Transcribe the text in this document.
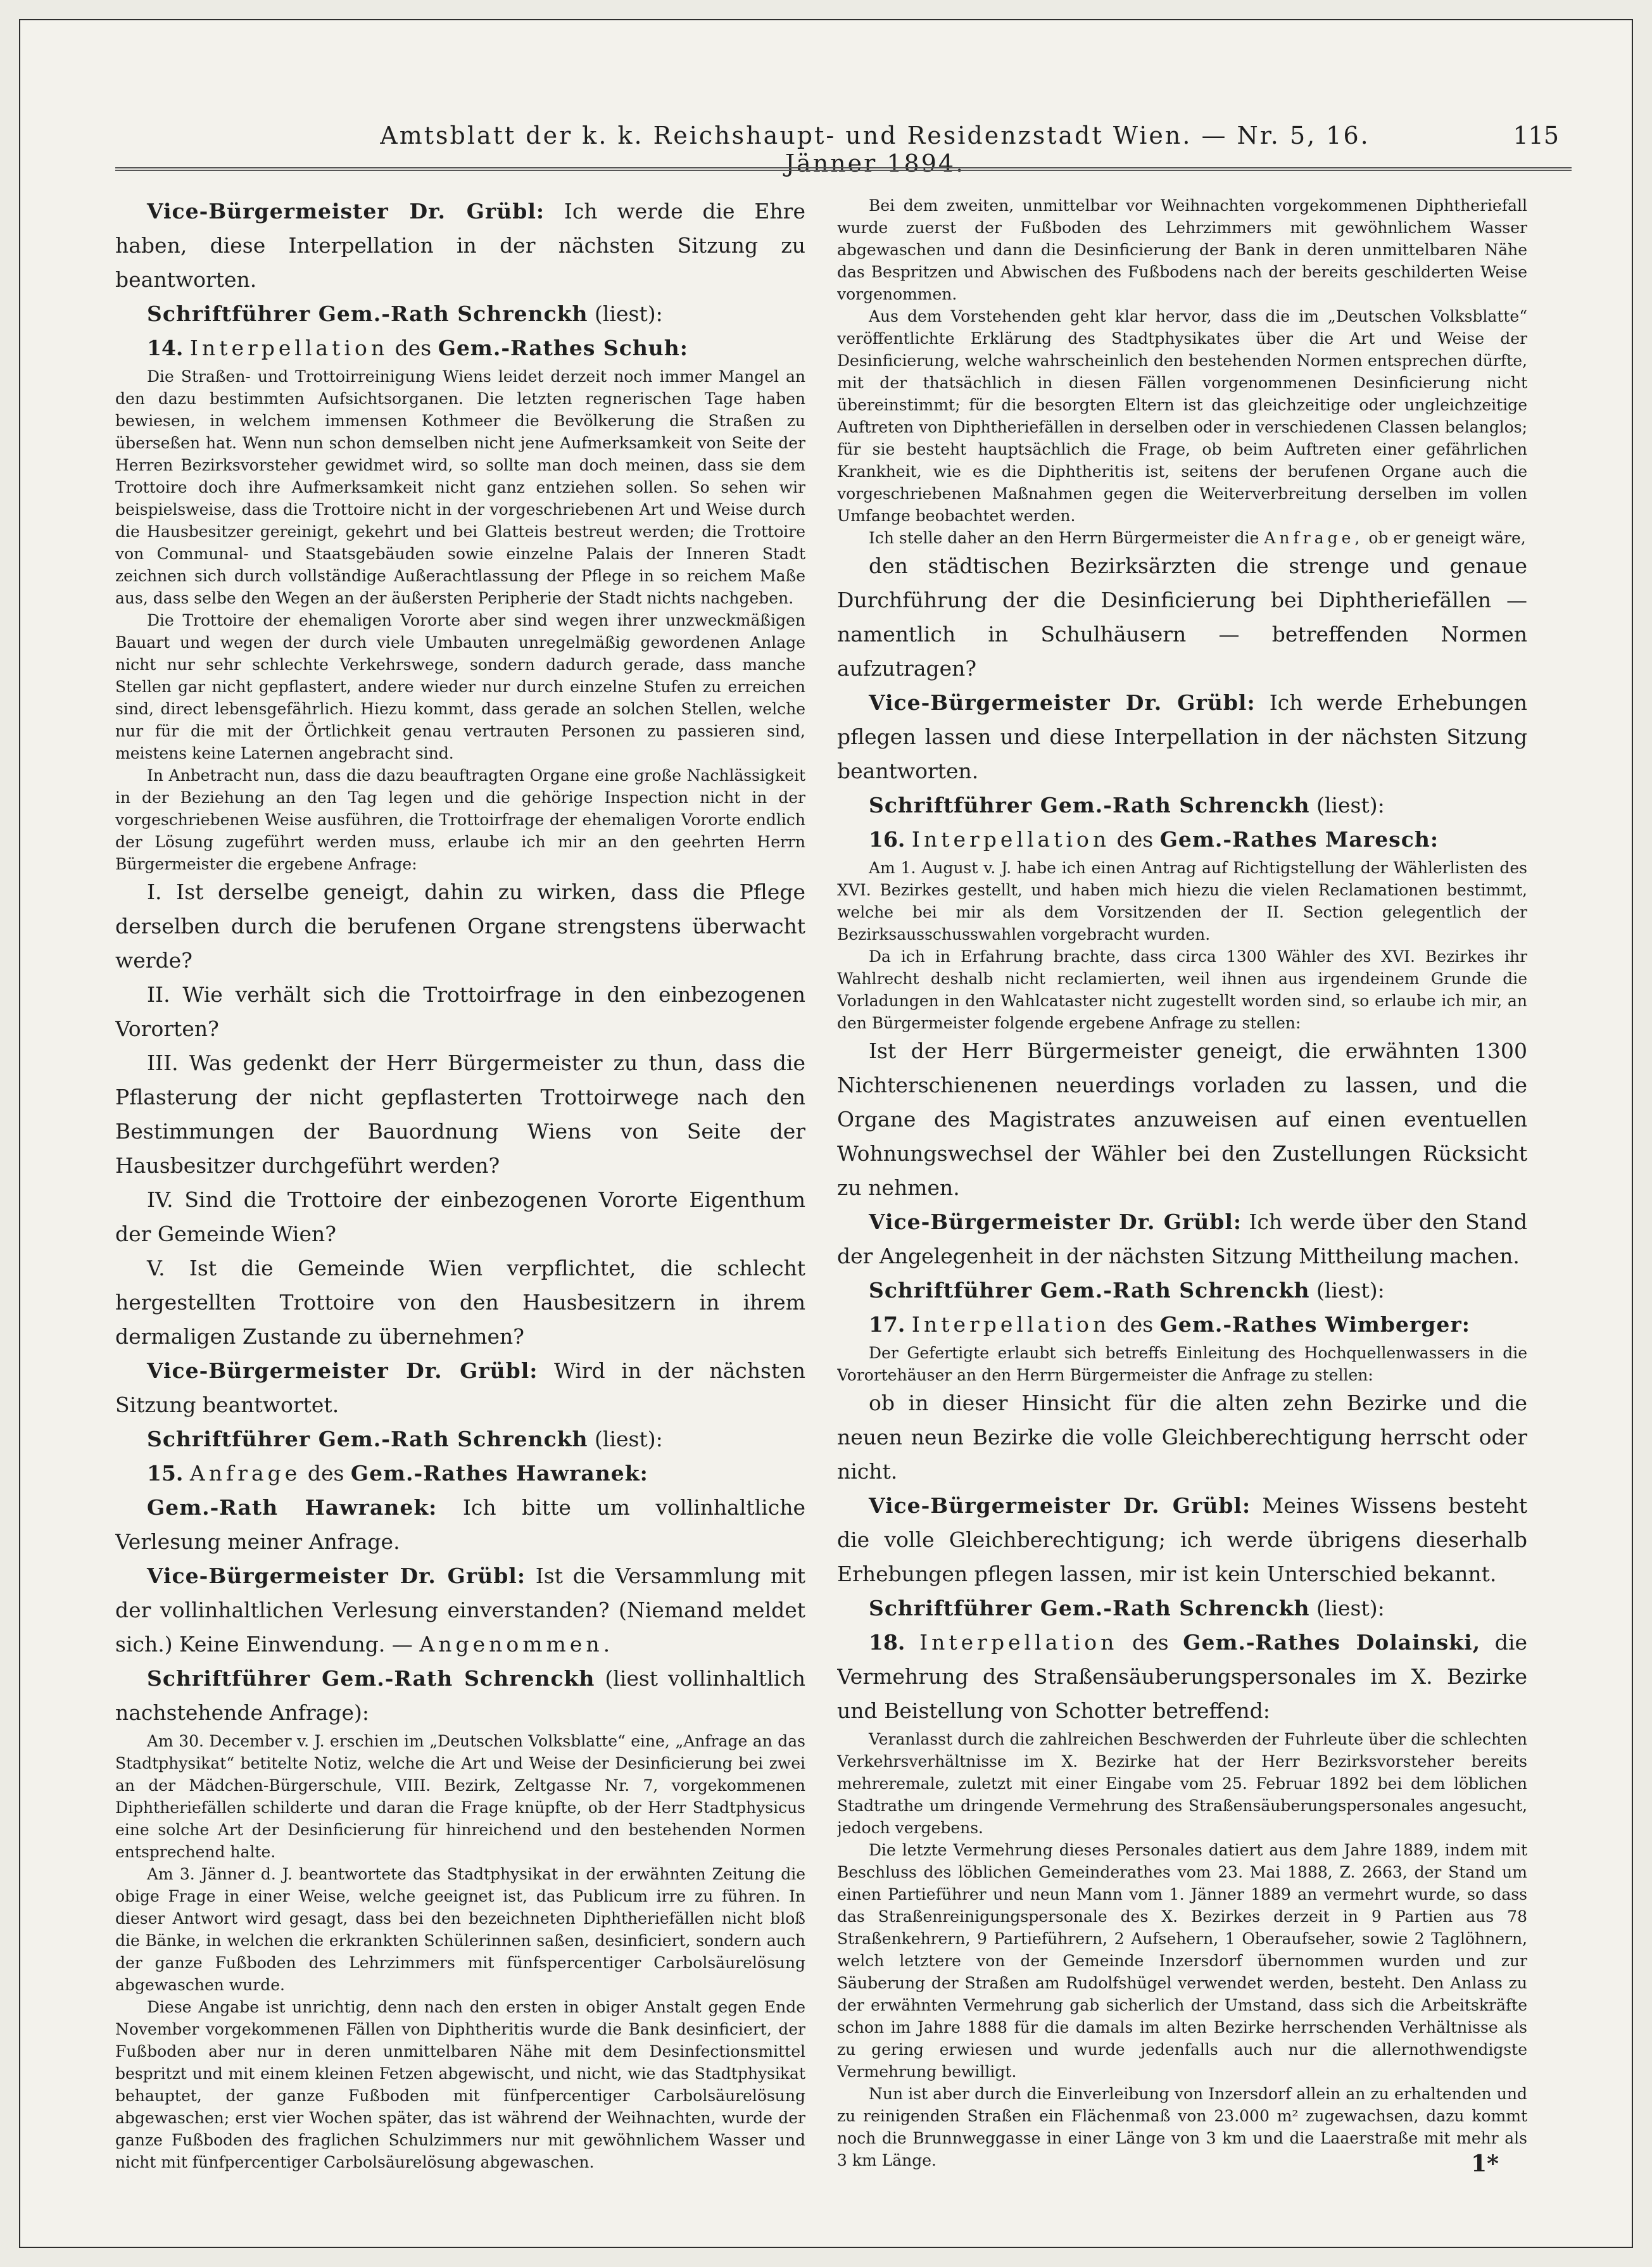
Amtsblatt der k. k. Reichshaupt- und Residenzstadt Wien. — Nr. 5, 16. Jänner 1894.
115

Vice-Bürgermeister Dr. Grübl: Ich werde die Ehre haben, diese Interpellation in der nächsten Sitzung zu beantworten.

Schriftführer Gem.-Rath Schrenckh (liest):

14. Interpellation des Gem.-Rathes Schuh:

Die Straßen- und Trottoirreinigung Wiens leidet derzeit noch immer Mangel an den dazu bestimmten Aufsichtsorganen. Die letzten regnerischen Tage haben bewiesen, in welchem immensen Kothmeer die Bevölkerung die Straßen zu überseßen hat. Wenn nun schon demselben nicht jene Aufmerksamkeit von Seite der Herren Bezirksvorsteher gewidmet wird, so sollte man doch meinen, dass sie dem Trottoire doch ihre Aufmerksamkeit nicht ganz entziehen sollen. So sehen wir beispielsweise, dass die Trottoire nicht in der vorgeschriebenen Art und Weise durch die Hausbesitzer gereinigt, gekehrt und bei Glatteis bestreut werden; die Trottoire von Communal- und Staatsgebäuden sowie einzelne Palais der Inneren Stadt zeichnen sich durch vollständige Außerachtlassung der Pflege in so reichem Maße aus, dass selbe den Wegen an der äußersten Peripherie der Stadt nichts nachgeben.

Die Trottoire der ehemaligen Vororte aber sind wegen ihrer unzweckmäßigen Bauart und wegen der durch viele Umbauten unregelmäßig gewordenen Anlage nicht nur sehr schlechte Verkehrswege, sondern dadurch gerade, dass manche Stellen gar nicht gepflastert, andere wieder nur durch einzelne Stufen zu erreichen sind, direct lebensgefährlich. Hiezu kommt, dass gerade an solchen Stellen, welche nur für die mit der Örtlichkeit genau vertrauten Personen zu passieren sind, meistens keine Laternen angebracht sind.

In Anbetracht nun, dass die dazu beauftragten Organe eine große Nachlässigkeit in der Beziehung an den Tag legen und die gehörige Inspection nicht in der vorgeschriebenen Weise ausführen, die Trottoirfrage der ehemaligen Vororte endlich der Lösung zugeführt werden muss, erlaube ich mir an den geehrten Herrn Bürgermeister die ergebene Anfrage:

I. Ist derselbe geneigt, dahin zu wirken, dass die Pflege derselben durch die berufenen Organe strengstens überwacht werde?

II. Wie verhält sich die Trottoirfrage in den einbezogenen Vororten?

III. Was gedenkt der Herr Bürgermeister zu thun, dass die Pflasterung der nicht gepflasterten Trottoirwege nach den Bestimmungen der Bauordnung Wiens von Seite der Hausbesitzer durchgeführt werden?

IV. Sind die Trottoire der einbezogenen Vororte Eigenthum der Gemeinde Wien?

V. Ist die Gemeinde Wien verpflichtet, die schlecht hergestellten Trottoire von den Hausbesitzern in ihrem dermaligen Zustande zu übernehmen?

Vice-Bürgermeister Dr. Grübl: Wird in der nächsten Sitzung beantwortet.

Schriftführer Gem.-Rath Schrenckh (liest):

15. Anfrage des Gem.-Rathes Hawranek:

Gem.-Rath Hawranek: Ich bitte um vollinhaltliche Verlesung meiner Anfrage.

Vice-Bürgermeister Dr. Grübl: Ist die Versammlung mit der vollinhaltlichen Verlesung einverstanden? (Niemand meldet sich.) Keine Einwendung. — Angenommen.

Schriftführer Gem.-Rath Schrenckh (liest vollinhaltlich nachstehende Anfrage):

Am 30. December v. J. erschien im „Deutschen Volksblatte“ eine, „Anfrage an das Stadtphysikat“ betitelte Notiz, welche die Art und Weise der Desinficierung bei zwei an der Mädchen-Bürgerschule, VIII. Bezirk, Zeltgasse Nr. 7, vorgekommenen Diphtheriefällen schilderte und daran die Frage knüpfte, ob der Herr Stadtphysicus eine solche Art der Desinficierung für hinreichend und den bestehenden Normen entsprechend halte.

Am 3. Jänner d. J. beantwortete das Stadtphysikat in der erwähnten Zeitung die obige Frage in einer Weise, welche geeignet ist, das Publicum irre zu führen. In dieser Antwort wird gesagt, dass bei den bezeichneten Diphtheriefällen nicht bloß die Bänke, in welchen die erkrankten Schülerinnen saßen, desinficiert, sondern auch der ganze Fußboden des Lehrzimmers mit fünfspercentiger Carbolsäurelösung abgewaschen wurde.

Diese Angabe ist unrichtig, denn nach den ersten in obiger Anstalt gegen Ende November vorgekommenen Fällen von Diphtheritis wurde die Bank desinficiert, der Fußboden aber nur in deren unmittelbaren Nähe mit dem Desinfectionsmittel bespritzt und mit einem kleinen Fetzen abgewischt, und nicht, wie das Stadtphysikat behauptet, der ganze Fußboden mit fünfpercentiger Carbolsäurelösung abgewaschen; erst vier Wochen später, das ist während der Weihnachten, wurde der ganze Fußboden des fraglichen Schulzimmers nur mit gewöhnlichem Wasser und nicht mit fünfpercentiger Carbolsäurelösung abgewaschen.

Bei dem zweiten, unmittelbar vor Weihnachten vorgekommenen Diphtheriefall wurde zuerst der Fußboden des Lehrzimmers mit gewöhnlichem Wasser abgewaschen und dann die Desinficierung der Bank in deren unmittelbaren Nähe das Bespritzen und Abwischen des Fußbodens nach der bereits geschilderten Weise vorgenommen.

Aus dem Vorstehenden geht klar hervor, dass die im „Deutschen Volksblatte“ veröffentlichte Erklärung des Stadtphysikates über die Art und Weise der Desinficierung, welche wahrscheinlich den bestehenden Normen entsprechen dürfte, mit der thatsächlich in diesen Fällen vorgenommenen Desinficierung nicht übereinstimmt; für die besorgten Eltern ist das gleichzeitige oder ungleichzeitige Auftreten von Diphtheriefällen in derselben oder in verschiedenen Classen belanglos; für sie besteht hauptsächlich die Frage, ob beim Auftreten einer gefährlichen Krankheit, wie es die Diphtheritis ist, seitens der berufenen Organe auch die vorgeschriebenen Maßnahmen gegen die Weiterverbreitung derselben im vollen Umfange beobachtet werden.

Ich stelle daher an den Herrn Bürgermeister die Anfrage, ob er geneigt wäre,

den städtischen Bezirksärzten die strenge und genaue Durchführung der die Desinficierung bei Diphtheriefällen — namentlich in Schulhäusern — betreffenden Normen aufzutragen?

Vice-Bürgermeister Dr. Grübl: Ich werde Erhebungen pflegen lassen und diese Interpellation in der nächsten Sitzung beantworten.

Schriftführer Gem.-Rath Schrenckh (liest):

16. Interpellation des Gem.-Rathes Maresch:

Am 1. August v. J. habe ich einen Antrag auf Richtigstellung der Wählerlisten des XVI. Bezirkes gestellt, und haben mich hiezu die vielen Reclamationen bestimmt, welche bei mir als dem Vorsitzenden der II. Section gelegentlich der Bezirksausschusswahlen vorgebracht wurden.

Da ich in Erfahrung brachte, dass circa 1300 Wähler des XVI. Bezirkes ihr Wahlrecht deshalb nicht reclamierten, weil ihnen aus irgendeinem Grunde die Vorladungen in den Wahlcataster nicht zugestellt worden sind, so erlaube ich mir, an den Bürgermeister folgende ergebene Anfrage zu stellen:

Ist der Herr Bürgermeister geneigt, die erwähnten 1300 Nichterschienenen neuerdings vorladen zu lassen, und die Organe des Magistrates anzuweisen auf einen eventuellen Wohnungswechsel der Wähler bei den Zustellungen Rücksicht zu nehmen.

Vice-Bürgermeister Dr. Grübl: Ich werde über den Stand der Angelegenheit in der nächsten Sitzung Mittheilung machen.

Schriftführer Gem.-Rath Schrenckh (liest):

17. Interpellation des Gem.-Rathes Wimberger:

Der Gefertigte erlaubt sich betreffs Einleitung des Hochquellenwassers in die Vorortehäuser an den Herrn Bürgermeister die Anfrage zu stellen:

ob in dieser Hinsicht für die alten zehn Bezirke und die neuen neun Bezirke die volle Gleichberechtigung herrscht oder nicht.

Vice-Bürgermeister Dr. Grübl: Meines Wissens besteht die volle Gleichberechtigung; ich werde übrigens dieserhalb Erhebungen pflegen lassen, mir ist kein Unterschied bekannt.

Schriftführer Gem.-Rath Schrenckh (liest):

18. Interpellation des Gem.-Rathes Dolainski, die Vermehrung des Straßensäuberungspersonales im X. Bezirke und Beistellung von Schotter betreffend:

Veranlasst durch die zahlreichen Beschwerden der Fuhrleute über die schlechten Verkehrsverhältnisse im X. Bezirke hat der Herr Bezirksvorsteher bereits mehreremale, zuletzt mit einer Eingabe vom 25. Februar 1892 bei dem löblichen Stadtrathe um dringende Vermehrung des Straßensäuberungspersonales angesucht, jedoch vergebens.

Die letzte Vermehrung dieses Personales datiert aus dem Jahre 1889, indem mit Beschluss des löblichen Gemeinderathes vom 23. Mai 1888, Z. 2663, der Stand um einen Partieführer und neun Mann vom 1. Jänner 1889 an vermehrt wurde, so dass das Straßenreinigungspersonale des X. Bezirkes derzeit in 9 Partien aus 78 Straßenkehrern, 9 Partieführern, 2 Aufsehern, 1 Oberaufseher, sowie 2 Taglöhnern, welch letztere von der Gemeinde Inzersdorf übernommen wurden und zur Säuberung der Straßen am Rudolfshügel verwendet werden, besteht. Den Anlass zu der erwähnten Vermehrung gab sicherlich der Umstand, dass sich die Arbeitskräfte schon im Jahre 1888 für die damals im alten Bezirke herrschenden Verhältnisse als zu gering erwiesen und wurde jedenfalls auch nur die allernothwendigste Vermehrung bewilligt.

Nun ist aber durch die Einverleibung von Inzersdorf allein an zu erhaltenden und zu reinigenden Straßen ein Flächenmaß von 23.000 m² zugewachsen, dazu kommt noch die Brunnweggasse in einer Länge von 3 km und die Laaerstraße mit mehr als 3 km Länge.	1*
